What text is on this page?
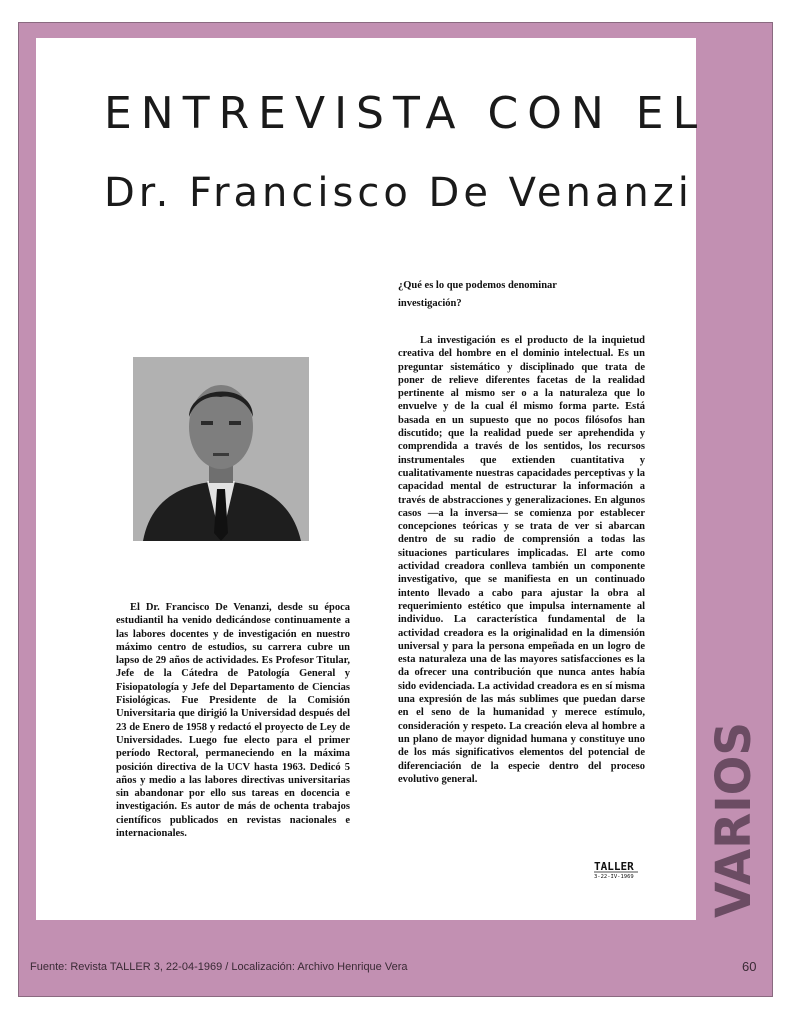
ENTREVISTA CON EL
Dr. Francisco De Venanzi

¿Qué es lo que podemos denominar investigación?

El Dr. Francisco De Venanzi, desde su época estudiantil ha venido dedicándose continuamente a las labores docentes y de investigación en nuestro máximo centro de estudios, su carrera cubre un lapso de 29 años de actividades. Es Profesor Titular, Jefe de la Cátedra de Patología General y Fisiopatología y Jefe del Departamento de Ciencias Fisiológicas. Fue Presidente de la Comisión Universitaria que dirigió la Universidad después del 23 de Enero de 1958 y redactó el proyecto de Ley de Universidades. Luego fue electo para el primer período Rectoral, permaneciendo en la máxima posición directiva de la UCV hasta 1963. Dedicó 5 años y medio a las labores directivas universitarias sin abandonar por ello sus tareas en docencia e investigación. Es autor de más de ochenta trabajos científicos publicados en revistas nacionales e internacionales.

La investigación es el producto de la inquietud creativa del hombre en el dominio intelectual. Es un preguntar sistemático y disciplinado que trata de poner de relieve diferentes facetas de la realidad pertinente al mismo ser o a la naturaleza que lo envuelve y de la cual él mismo forma parte. Está basada en un supuesto que no pocos filósofos han discutido; que la realidad puede ser aprehendida y comprendida a través de los sentidos, los recursos instrumentales que extienden cuantitativa y cualitativamente nuestras capacidades perceptivas y la capacidad mental de estructurar la información a través de abstracciones y generalizaciones. En algunos casos —a la inversa— se comienza por establecer concepciones teóricas y se trata de ver si abarcan dentro de su radio de comprensión a todas las situaciones particulares implicadas. El arte como actividad creadora conlleva también un componente investigativo, que se manifiesta en un continuado intento llevado a cabo para ajustar la obra al requerimiento estético que impulsa internamente al individuo. La característica fundamental de la actividad creadora es la originalidad en la dimensión universal y para la persona empeñada en un logro de esta naturaleza una de las mayores satisfacciones es la da ofrecer una contribución que nunca antes había sido evidenciada. La actividad creadora es en sí misma una expresión de las más sublimes que puedan darse en el seno de la humanidad y merece estímulo, consideración y respeto. La creación eleva al hombre a un plano de mayor dignidad humana y constituye uno de los más significativos elementos del potencial de diferenciación de la especie dentro del proceso evolutivo general.

TALLER
3-22-IV-1969 VARIOS

Fuente: Revista TALLER 3, 22-04-1969 / Localización: Archivo Henrique Vera	60
